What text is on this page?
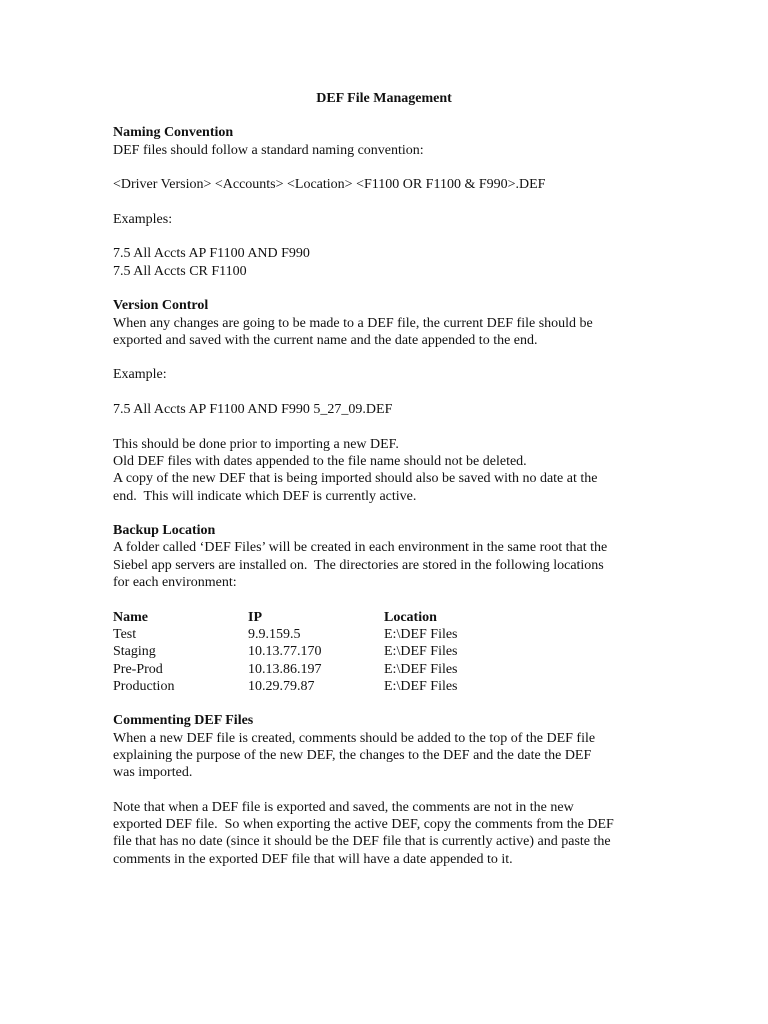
DEF File Management
Naming Convention
DEF files should follow a standard naming convention:
<Driver Version> <Accounts> <Location> <F1100 OR F1100 & F990>.DEF
Examples:
7.5 All Accts AP F1100 AND F990
7.5 All Accts CR F1100
Version Control
When any changes are going to be made to a DEF file, the current DEF file should be
exported and saved with the current name and the date appended to the end.
Example:
7.5 All Accts AP F1100 AND F990 5_27_09.DEF
This should be done prior to importing a new DEF.
Old DEF files with dates appended to the file name should not be deleted.
A copy of the new DEF that is being imported should also be saved with no date at the
end.  This will indicate which DEF is currently active.
Backup Location
A folder called ‘DEF Files’ will be created in each environment in the same root that the
Siebel app servers are installed on.  The directories are stored in the following locations
for each environment:
Name	IP	Location
Test	9.9.159.5	E:\DEF Files
Staging	10.13.77.170	E:\DEF Files
Pre-Prod	10.13.86.197	E:\DEF Files
Production	10.29.79.87	E:\DEF Files
Commenting DEF Files
When a new DEF file is created, comments should be added to the top of the DEF file
explaining the purpose of the new DEF, the changes to the DEF and the date the DEF
was imported.
Note that when a DEF file is exported and saved, the comments are not in the new
exported DEF file.  So when exporting the active DEF, copy the comments from the DEF
file that has no date (since it should be the DEF file that is currently active) and paste the
comments in the exported DEF file that will have a date appended to it.
